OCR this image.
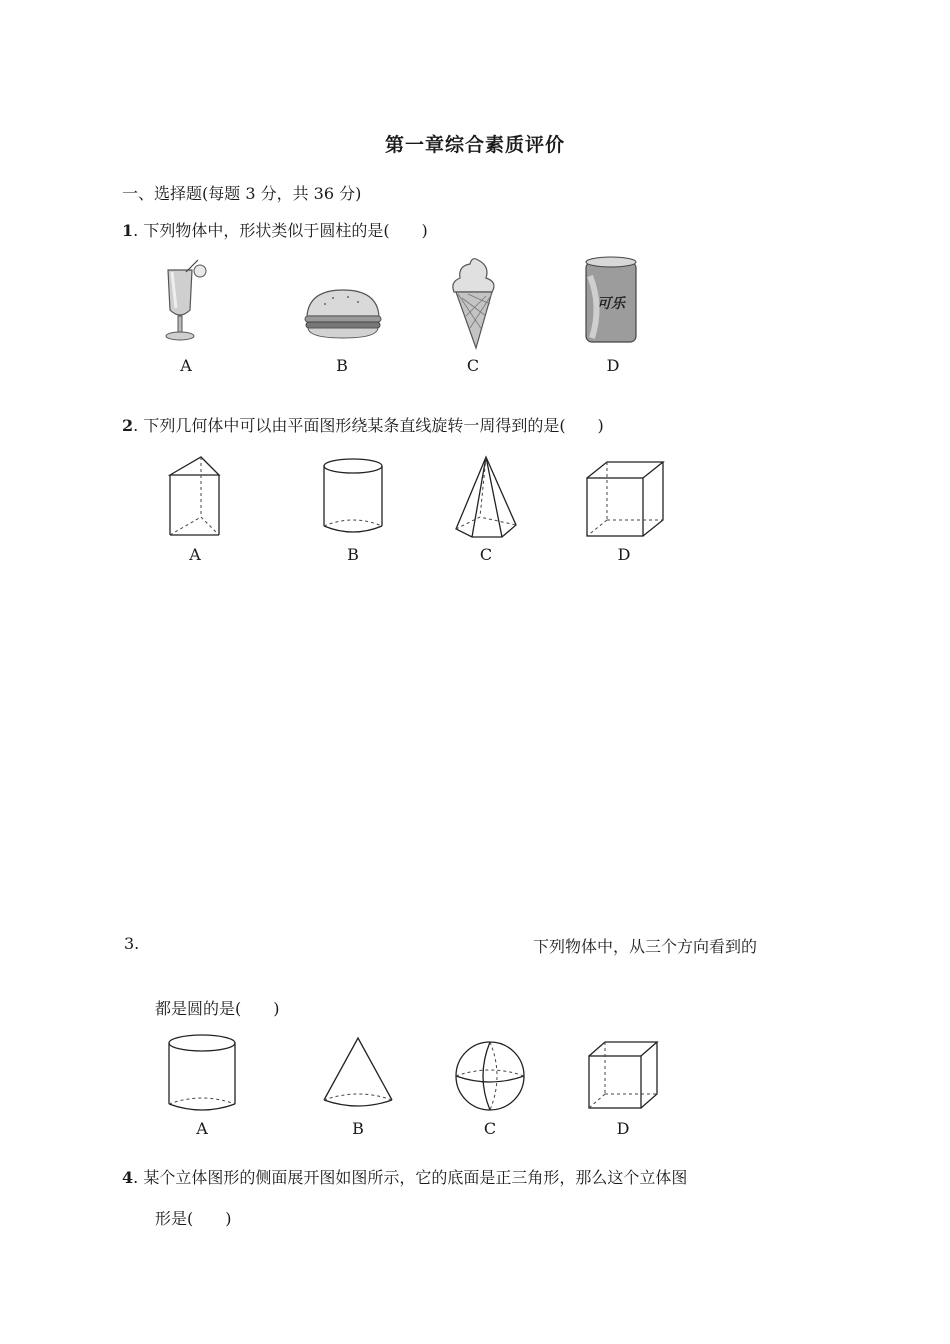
第一章综合素质评价
一、选择题(每题 3 分，共 36 分)
1. 下列物体中，形状类似于圆柱的是(　　)
可乐
A	B	C	D
2. 下列几何体中可以由平面图形绕某条直线旋转一周得到的是(　　)
A	B	C	D
3.	下列物体中，从三个方向看到的
都是圆的是(　　)
A	B	C	D
4. 某个立体图形的侧面展开图如图所示，它的底面是正三角形，那么这个立体图
形是(　　)
